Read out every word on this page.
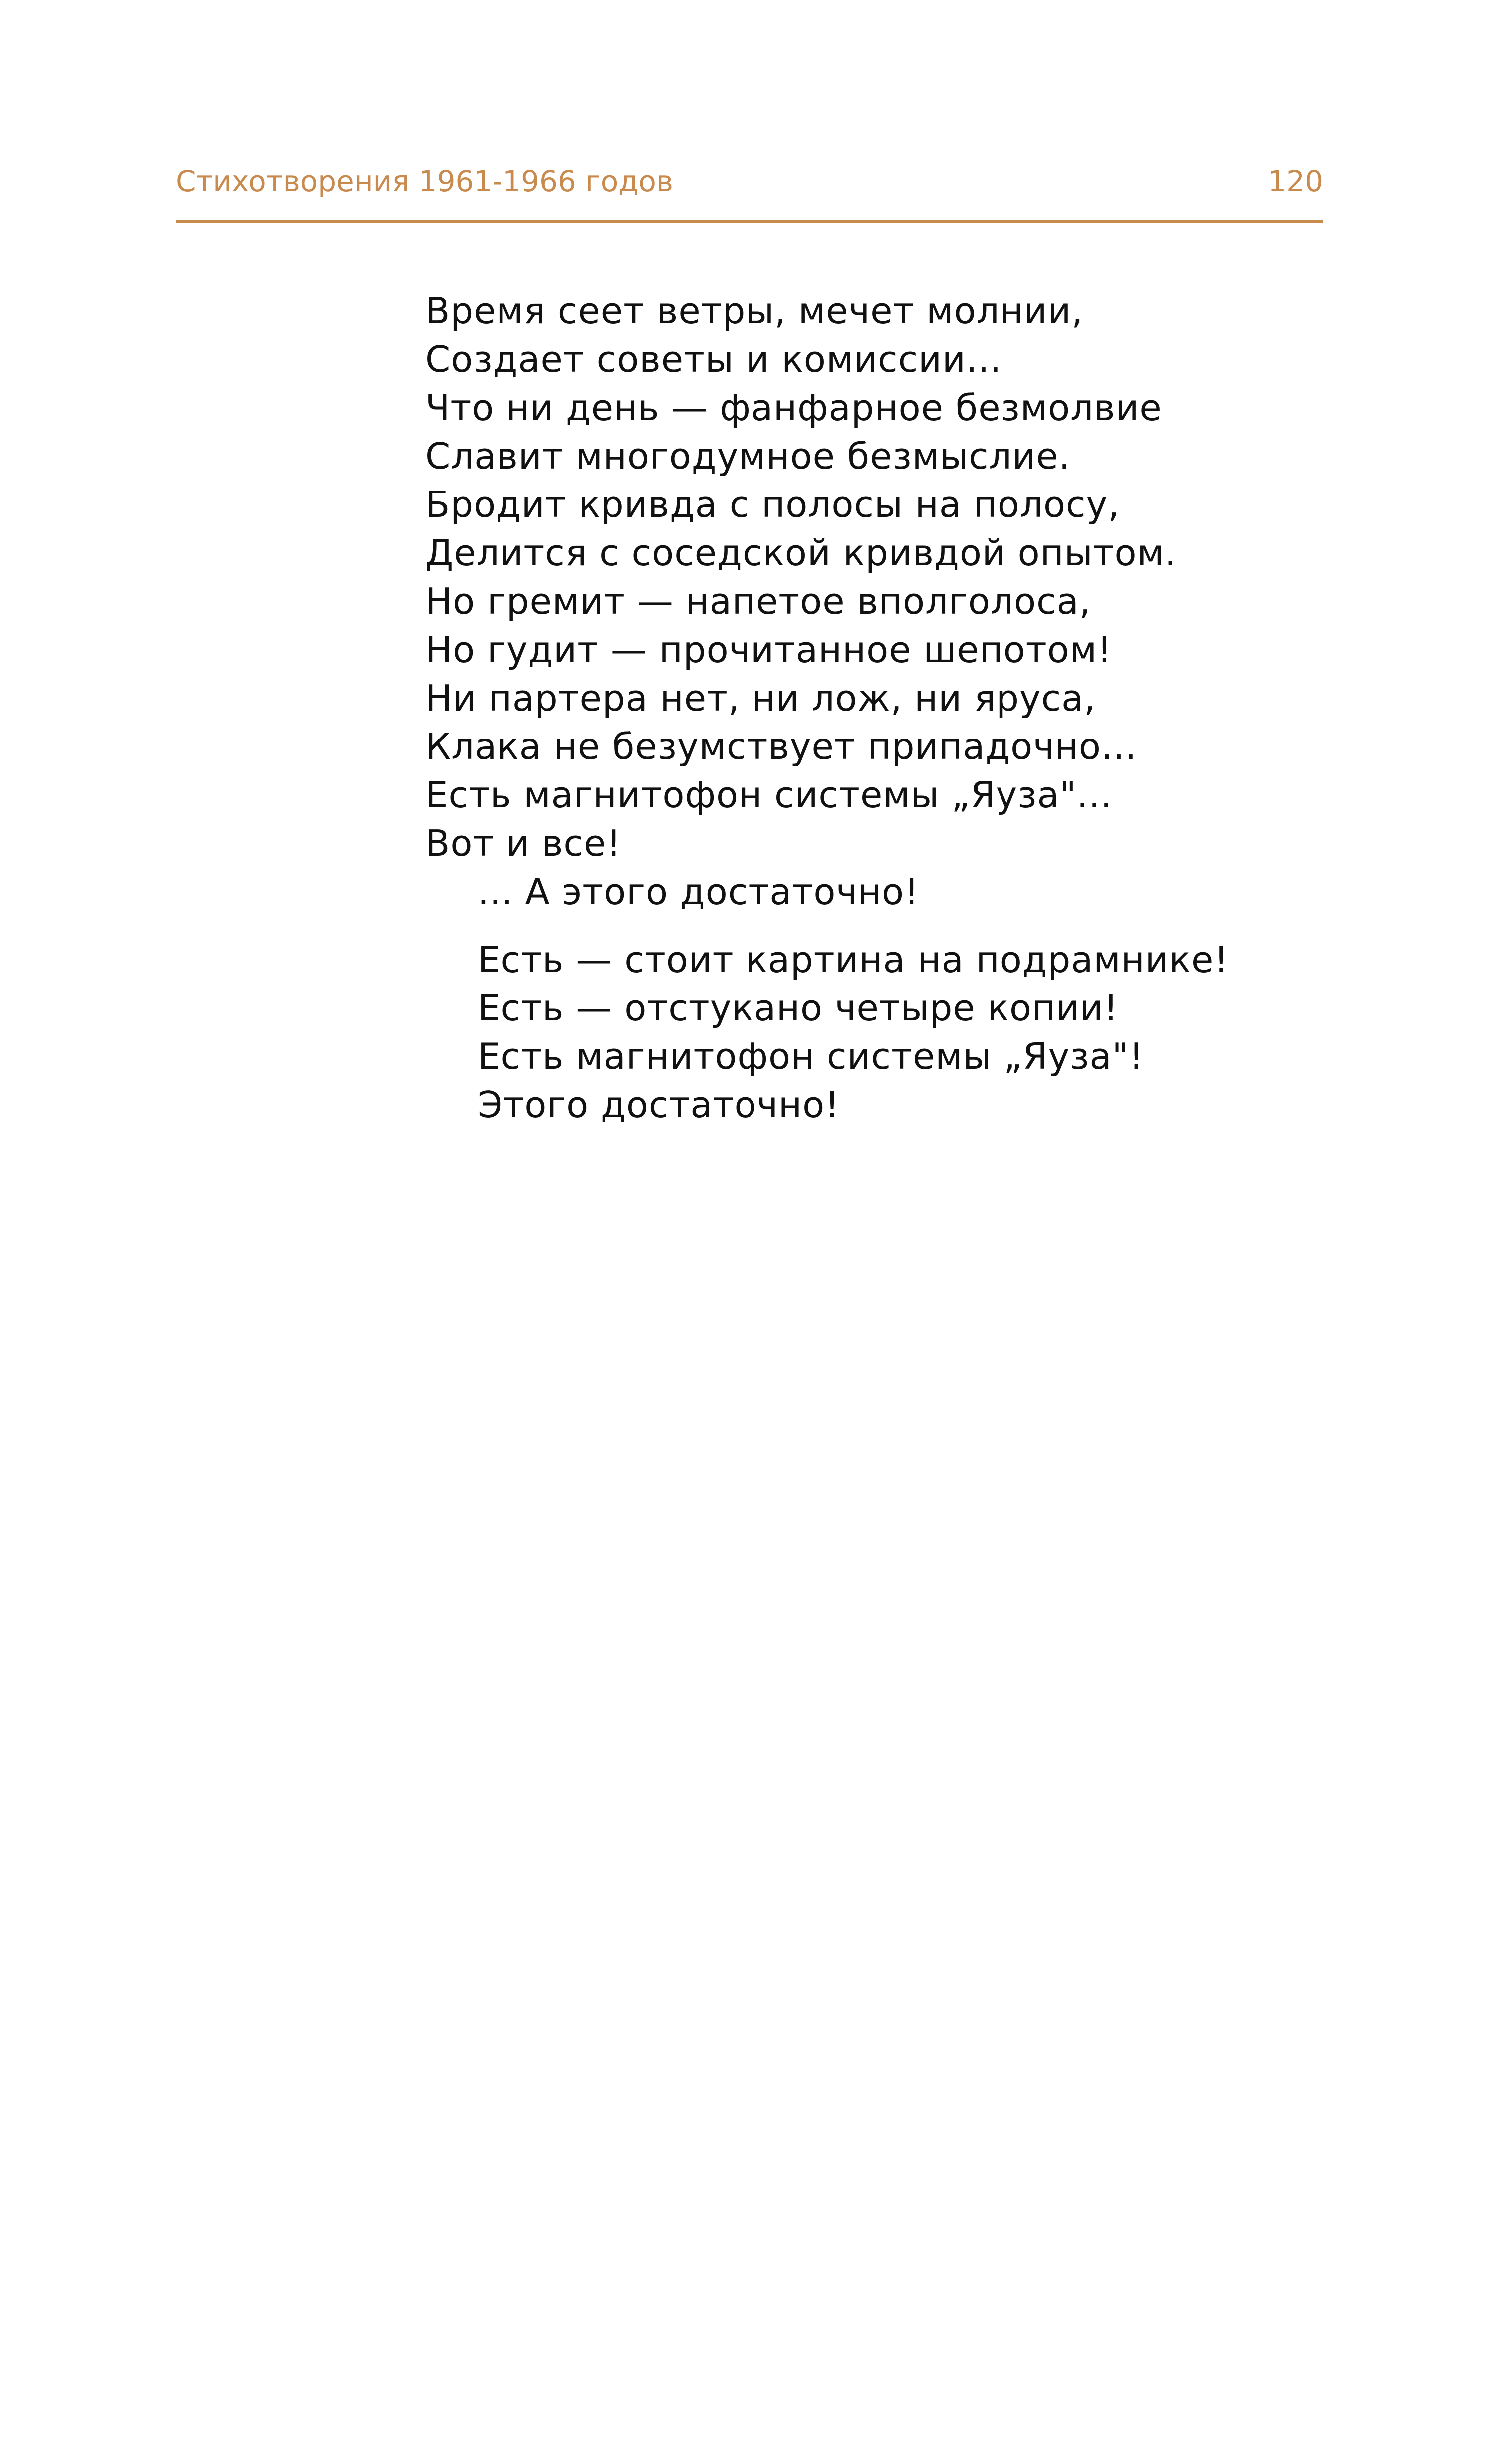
Стихотворения 1961-1966 годов	120
Время сеет ветры, мечет молнии,
Создает советы и комиссии...
Что ни день — фанфарное безмолвие
Славит многодумное безмыслие.
Бродит кривда с полосы на полосу,
Делится с соседской кривдой опытом.
Но гремит — напетое вполголоса,
Но гудит — прочитанное шепотом!
Ни партера нет, ни лож, ни яруса,
Клака не безумствует припадочно...
Есть магнитофон системы „Яуза"...
Вот и все!
... А этого достаточно!
Есть — стоит картина на подрамнике!
Есть — отстукано четыре копии!
Есть магнитофон системы „Яуза"!
Этого достаточно!
